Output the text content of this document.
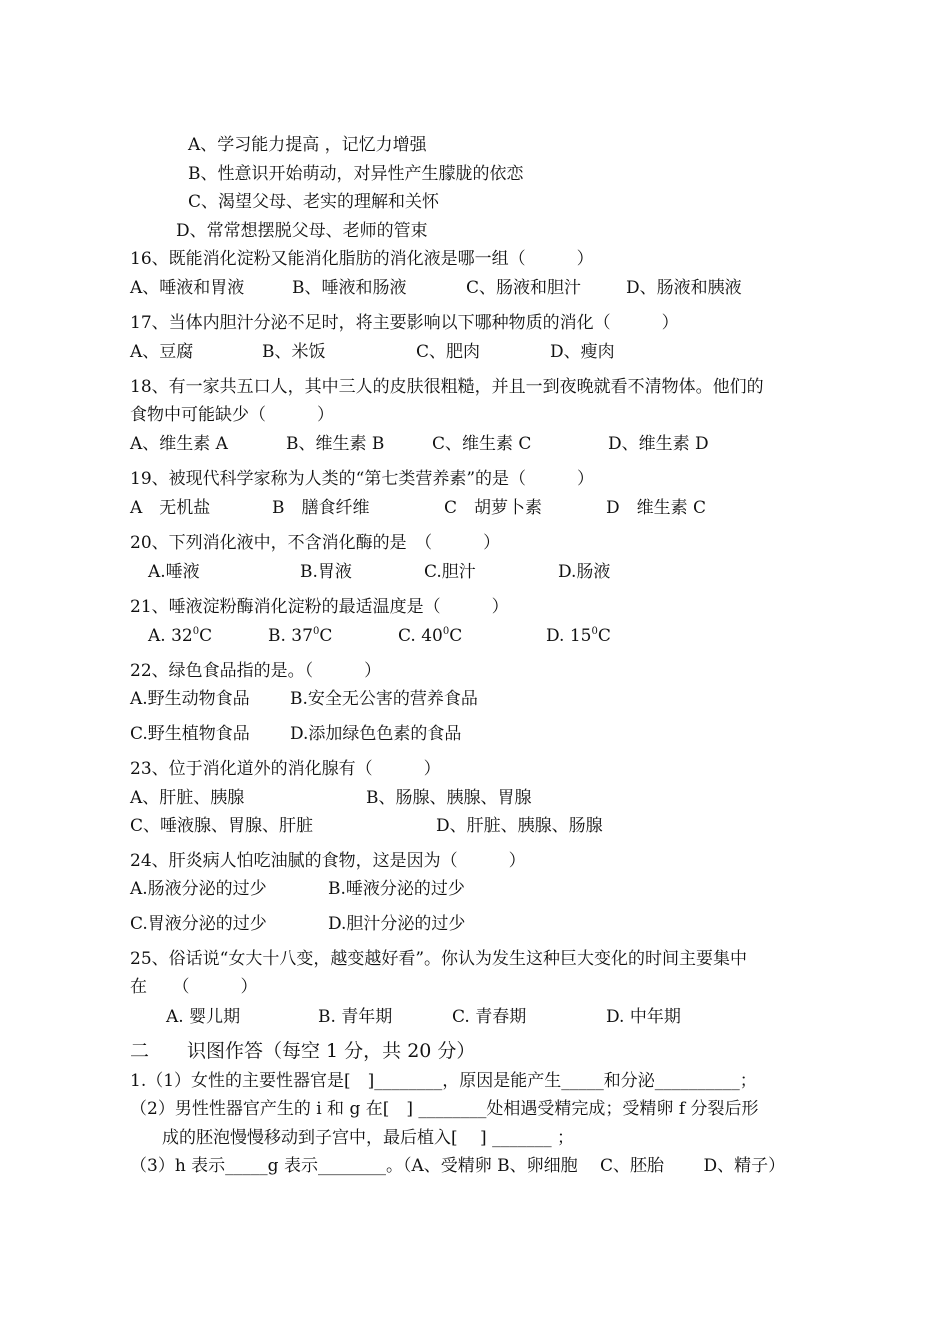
A、学习能力提高 ，记忆力增强
B、性意识开始萌动，对异性产生朦胧的依恋
C、渴望父母、老实的理解和关怀
D、常常想摆脱父母、老师的管束
16、既能消化淀粉又能消化脂肪的消化液是哪一组（　　　）
A、唾液和胃液	B、唾液和肠液	C、肠液和胆汁	D、肠液和胰液
17、当体内胆汁分泌不足时，将主要影响以下哪种物质的消化（　　　）
A、豆腐	B、米饭	C、肥肉	D、瘦肉
18、有一家共五口人，其中三人的皮肤很粗糙，并且一到夜晚就看不清物体。他们的
食物中可能缺少（　　　）
A、维生素 A	B、维生素 B	C、维生素 C	D、维生素 D
19、被现代科学家称为人类的“第七类营养素”的是（　　　）
A　无机盐	B　膳食纤维	C　胡萝卜素	D　维生素 C
20、下列消化液中，不含消化酶的是　（　　　）
A.唾液	B.胃液	C.胆汁	D.肠液
21、唾液淀粉酶消化淀粉的最适温度是（　　　）
A. $32^0C$	B. $37^0C$	C. $40^0C$	D. $15^0C$
22、绿色食品指的是。（　　　）
A.野生动物食品 B.安全无公害的营养食品
C.野生植物食品 D.添加绿色色素的食品
23、位于消化道外的消化腺有（　　　）
A、肝脏、胰腺	B、肠腺、胰腺、胃腺
C、唾液腺、胃腺、肝脏	D、肝脏、胰腺、肠腺
24、肝炎病人怕吃油腻的食物，这是因为（　　　）
A.肠液分泌的过少	B.唾液分泌的过少
C.胃液分泌的过少	D.胆汁分泌的过少
25、俗话说“女大十八变，越变越好看”。你认为发生这种巨大变化的时间主要集中
在　　（　　　）
A. 婴儿期	B. 青年期	C. 青春期	D. 中年期
二　　识图作答（每空 1 分，共 20 分）
1.（1）女性的主要性器官是[　]________，原因是能产生_____和分泌__________；
（2）男性性器官产生的 i 和 g 在[　] ________处相遇受精完成；受精卵 f 分裂后形
成的胚泡慢慢移动到子宫中，最后植入[　 ] _______ ；
（3）h 表示_____g 表示________。（A、受精卵 B、卵细胞　 C、胚胎　　 D、精子）
